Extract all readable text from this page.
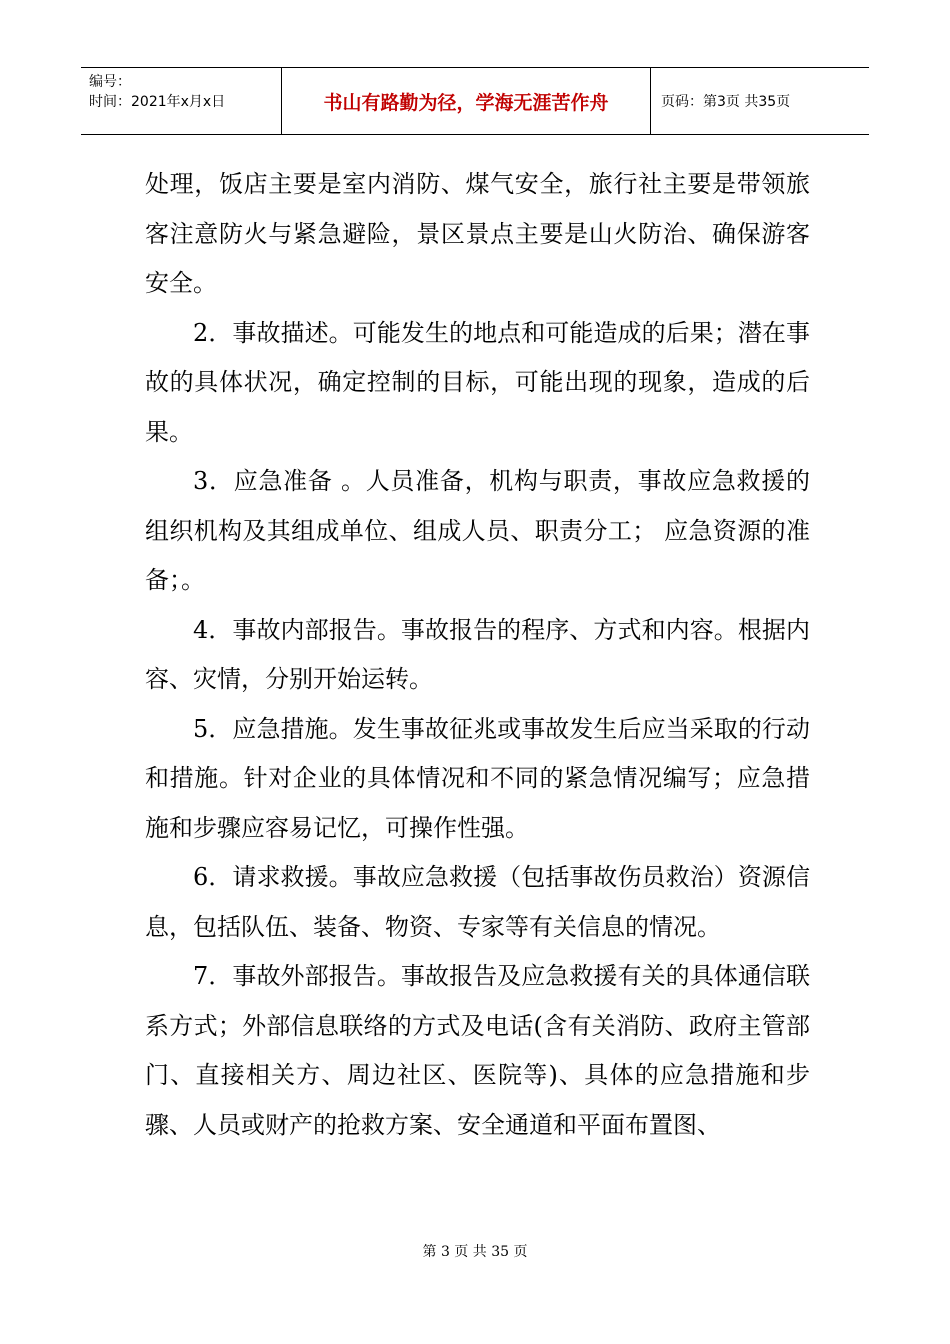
编号：
时间：2021年x月x日	书山有路勤为径，学海无涯苦作舟	页码：第3页 共35页

处理，饭店主要是室内消防、煤气安全，旅行社主要是带领旅客注意防火与紧急避险，景区景点主要是山火防治、确保游客安全。

2．事故描述。可能发生的地点和可能造成的后果；潜在事故的具体状况，确定控制的目标，可能出现的现象，造成的后果。

3．应急准备 。人员准备，机构与职责，事故应急救援的组织机构及其组成单位、组成人员、职责分工； 应急资源的准备；。

4．事故内部报告。事故报告的程序、方式和内容。根据内容、灾情，分别开始运转。

5．应急措施。发生事故征兆或事故发生后应当采取的行动和措施。针对企业的具体情况和不同的紧急情况编写；应急措施和步骤应容易记忆，可操作性强。

6．请求救援。事故应急救援（包括事故伤员救治）资源信息，包括队伍、装备、物资、专家等有关信息的情况。

7．事故外部报告。事故报告及应急救援有关的具体通信联系方式；外部信息联络的方式及电话(含有关消防、政府主管部门、直接相关方、周边社区、医院等)、具体的应急措施和步骤、人员或财产的抢救方案、安全通道和平面布置图、

第 3 页 共 35 页
